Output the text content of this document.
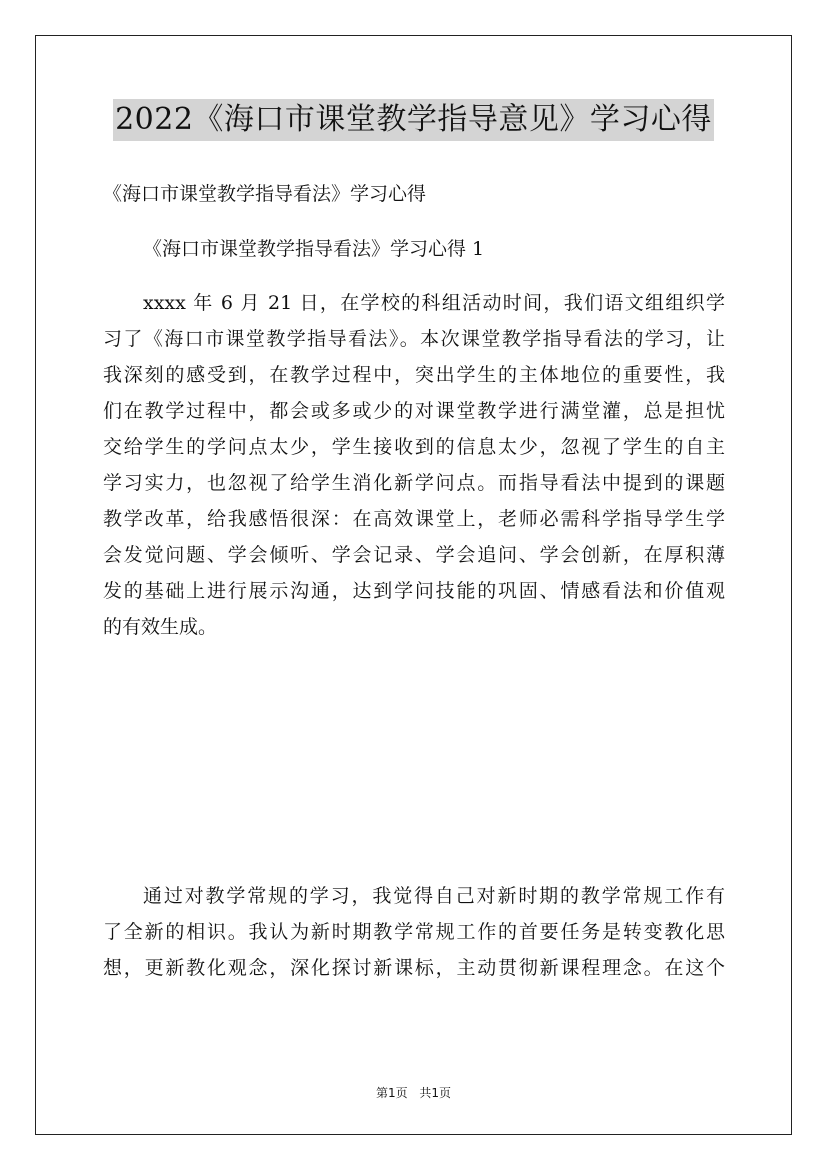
2022《海口市课堂教学指导意见》学习心得

《海口市课堂教学指导看法》学习心得

《海口市课堂教学指导看法》学习心得 1

xxxx 年 6 月 21 日，在学校的科组活动时间，我们语文组组织学
习了《海口市课堂教学指导看法》。本次课堂教学指导看法的学习，让
我深刻的感受到，在教学过程中，突出学生的主体地位的重要性，我
们在教学过程中，都会或多或少的对课堂教学进行满堂灌，总是担忧
交给学生的学问点太少，学生接收到的信息太少，忽视了学生的自主
学习实力，也忽视了给学生消化新学问点。而指导看法中提到的课题
教学改革，给我感悟很深：在高效课堂上，老师必需科学指导学生学
会发觉问题、学会倾听、学会记录、学会追问、学会创新，在厚积薄
发的基础上进行展示沟通，达到学问技能的巩固、情感看法和价值观
的有效生成。
通过对教学常规的学习，我觉得自己对新时期的教学常规工作有
了全新的相识。我认为新时期教学常规工作的首要任务是转变教化思
想，更新教化观念，深化探讨新课标，主动贯彻新课程理念。在这个
第1页 共1页
